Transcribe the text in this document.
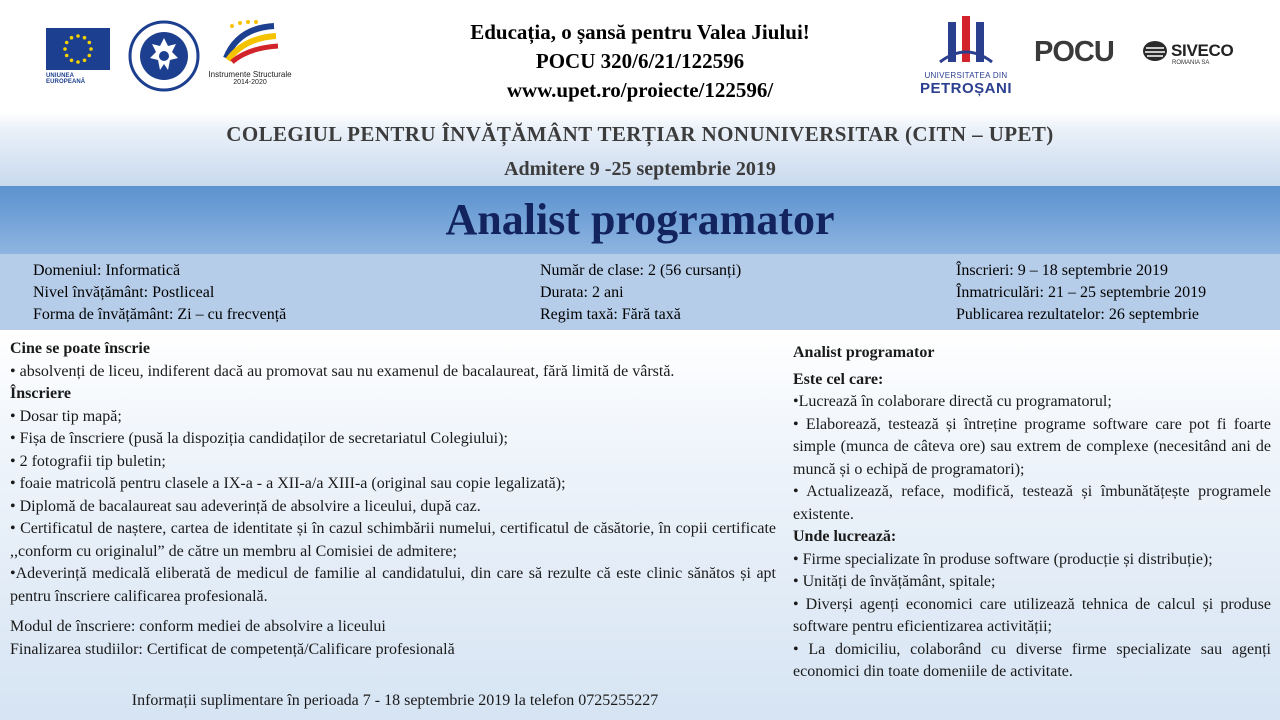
UNIUNEA EUROPEANĂ
Instrumente Structurale
2014-2020
Educația, o șansă pentru Valea Jiului!
POCU 320/6/21/122596
www.upet.ro/proiecte/122596/
UNIVERSITATEA DIN
PETROȘANI
POCU	SIVECO
ROMANIA SA
COLEGIUL PENTRU ÎNVĂȚĂMÂNT TERȚIAR NONUNIVERSITAR (CITN – UPET)
Admitere 9 -25 septembrie 2019
Analist programator
Domeniul: Informatică
Nivel învățământ: Postliceal
Forma de învățământ: Zi – cu frecvență
Număr de clase: 2 (56 cursanți)
Durata: 2 ani
Regim taxă: Fără taxă
Înscrieri: 9 – 18 septembrie 2019
Înmatriculări: 21 – 25 septembrie 2019
Publicarea rezultatelor: 26 septembrie
Cine se poate înscrie
• absolvenți de liceu, indiferent dacă au promovat sau nu examenul de bacalaureat, fără limită de vârstă.
Înscriere
• Dosar tip mapă;
• Fișa de înscriere (pusă la dispoziția candidaților de secretariatul Colegiului);
• 2 fotografii tip buletin;
• foaie matricolă pentru clasele a IX-a - a XII-a/a XIII-a (original sau copie legalizată);
• Diplomă de bacalaureat sau adeverință de absolvire a liceului, după caz.
• Certificatul de naștere, cartea de identitate și în cazul schimbării numelui, certificatul de căsătorie, în copii certificate ,,conform cu originalul” de către un membru al Comisiei de admitere;
•Adeverință medicală eliberată de medicul de familie al candidatului, din care să rezulte că este clinic sănătos și apt pentru înscriere calificarea profesională.
Modul de înscriere: conform mediei de absolvire a liceului
Finalizarea studiilor: Certificat de competență/Calificare profesională
Informații suplimentare în perioada 7 - 18 septembrie 2019 la telefon 0725255227
Analist programator
Este cel care:
•Lucrează în colaborare directă cu programatorul;
• Elaborează, testează și întreține programe software care pot fi foarte simple (munca de câteva ore) sau extrem de complexe (necesitând ani de muncă și o echipă de programatori);
• Actualizează, reface, modifică, testează și îmbunătățește programele existente.
Unde lucrează:
• Firme specializate în produse software (producție și distribuție);
• Unități de învățământ, spitale;
• Diverși agenți economici care utilizează tehnica de calcul și produse software pentru eficientizarea activității;
• La domiciliu, colaborând cu diverse firme specializate sau agenți economici din toate domeniile de activitate.
